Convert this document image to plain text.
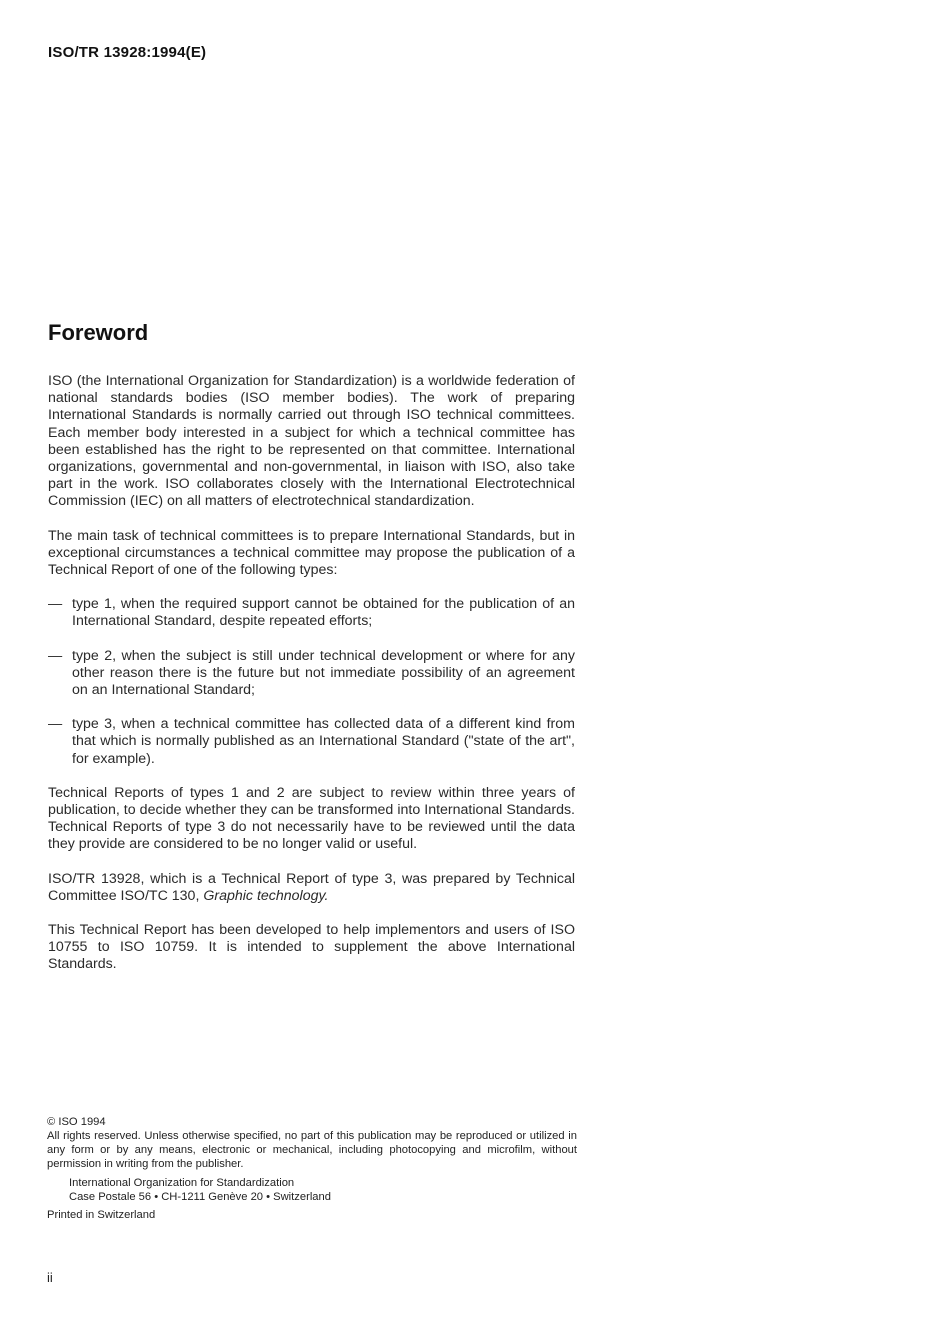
ISO/TR 13928:1994(E)
Foreword

ISO (the International Organization for Standardization) is a worldwide federation of national standards bodies (ISO member bodies). The work of preparing International Standards is normally carried out through ISO technical committees. Each member body interested in a subject for which a technical committee has been established has the right to be represented on that committee. International organizations, governmental and non-governmental, in liaison with ISO, also take part in the work. ISO collaborates closely with the International Electrotechnical Commission (IEC) on all matters of electrotechnical standardization.

The main task of technical committees is to prepare International Standards, but in exceptional circumstances a technical committee may propose the publication of a Technical Report of one of the following types:

— type 1, when the required support cannot be obtained for the publication of an International Standard, despite repeated efforts;
— type 2, when the subject is still under technical development or where for any other reason there is the future but not immediate possibility of an agreement on an International Standard;
— type 3, when a technical committee has collected data of a different kind from that which is normally published as an International Standard ("state of the art", for example).

Technical Reports of types 1 and 2 are subject to review within three years of publication, to decide whether they can be transformed into International Standards. Technical Reports of type 3 do not necessarily have to be reviewed until the data they provide are considered to be no longer valid or useful.

ISO/TR 13928, which is a Technical Report of type 3, was prepared by Technical Committee ISO/TC 130, Graphic technology.

This Technical Report has been developed to help implementors and users of ISO 10755 to ISO 10759. It is intended to supplement the above International Standards.

© ISO 1994
All rights reserved. Unless otherwise specified, no part of this publication may be reproduced or utilized in any form or by any means, electronic or mechanical, including photocopying and microfilm, without permission in writing from the publisher.
International Organization for Standardization
Case Postale 56 • CH-1211 Genève 20 • Switzerland
Printed in Switzerland
ii
